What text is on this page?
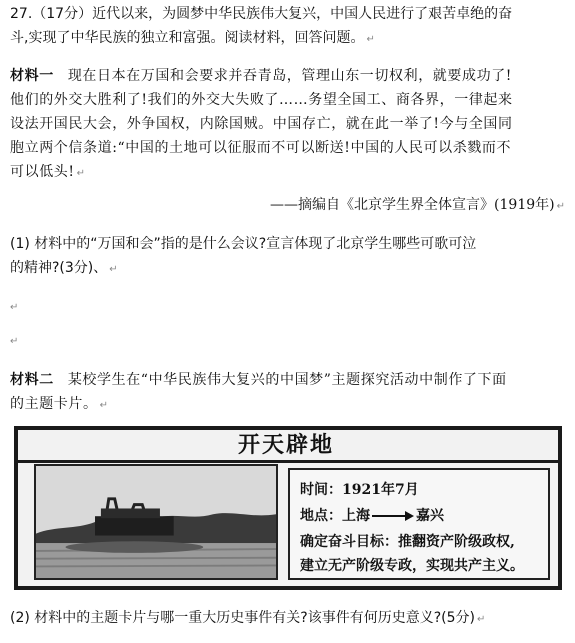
27.（17分）近代以来，为圆梦中华民族伟大复兴，中国人民进行了艰苦卓绝的奋

斗,实现了中华民族的独立和富强。阅读材料，回答问题。 ↵

材料一 现在日本在万国和会要求并吞青岛，管理山东一切权利，就要成功了!

他们的外交大胜利了!我们的外交大失败了……务望全国工、商各界，一律起来

设法开国民大会，外争国权，内除国贼。中国存亡，就在此一举了!今与全国同

胞立两个信条道:“中国的土地可以征服而不可以断送!中国的人民可以杀戮而不

可以低头! ↵

——摘编自《北京学生界全体宣言》(1919年) ↵

(1) 材料中的“万国和会”指的是什么会议?宣言体现了北京学生哪些可歌可泣

的精神?(3分)、 ↵

↵
↵

材料二 某校学生在“中华民族伟大复兴的中国梦”主题探究活动中制作了下面

的主题卡片。 ↵

开天辟地
时间：1921年7月
地点：上海	嘉兴
确定奋斗目标：推翻资产阶级政权,
建立无产阶级专政，实现共产主义。

(2) 材料中的主题卡片与哪一重大历史事件有关?该事件有何历史意义?(5分) ↵
